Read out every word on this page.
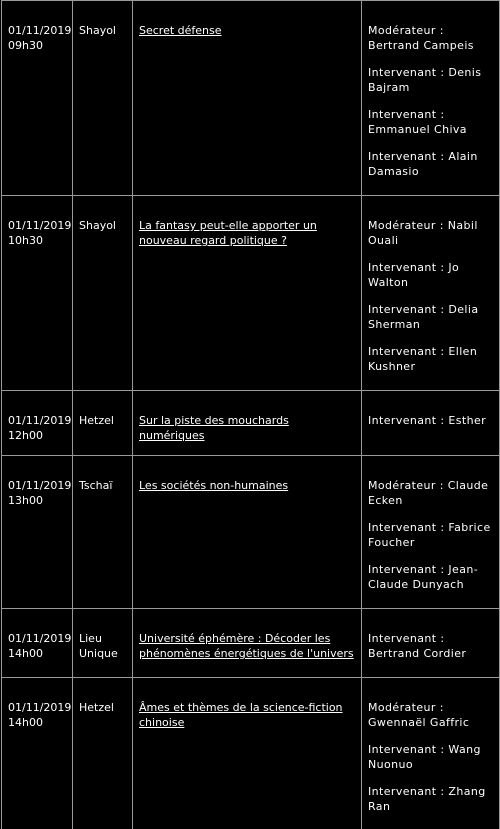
01/11/2019
09h30	Shayol	Secret défense	Modérateur : Bertrand Campeis
Intervenant : Denis Bajram
Intervenant : Emmanuel Chiva
Intervenant : Alain Damasio

01/11/2019
10h30	Shayol	La fantasy peut-elle apporter un nouveau regard politique ?	Modérateur : Nabil Ouali
Intervenant : Jo Walton
Intervenant : Delia Sherman
Intervenant : Ellen Kushner

01/11/2019
12h00	Hetzel	Sur la piste des mouchards numériques	Intervenant : Esther

01/11/2019
13h00	Tschaï	Les sociétés non-humaines	Modérateur : Claude Ecken
Intervenant : Fabrice Foucher
Intervenant : Jean-Claude Dunyach

01/11/2019
14h00	Lieu Unique	Université éphémère : Décoder les phénomènes énergétiques de l'univers	Intervenant : Bertrand Cordier

01/11/2019
14h00	Hetzel	Âmes et thèmes de la science-fiction chinoise	Modérateur : Gwennaël Gaffric
Intervenant : Wang Nuonuo
Intervenant : Zhang Ran
